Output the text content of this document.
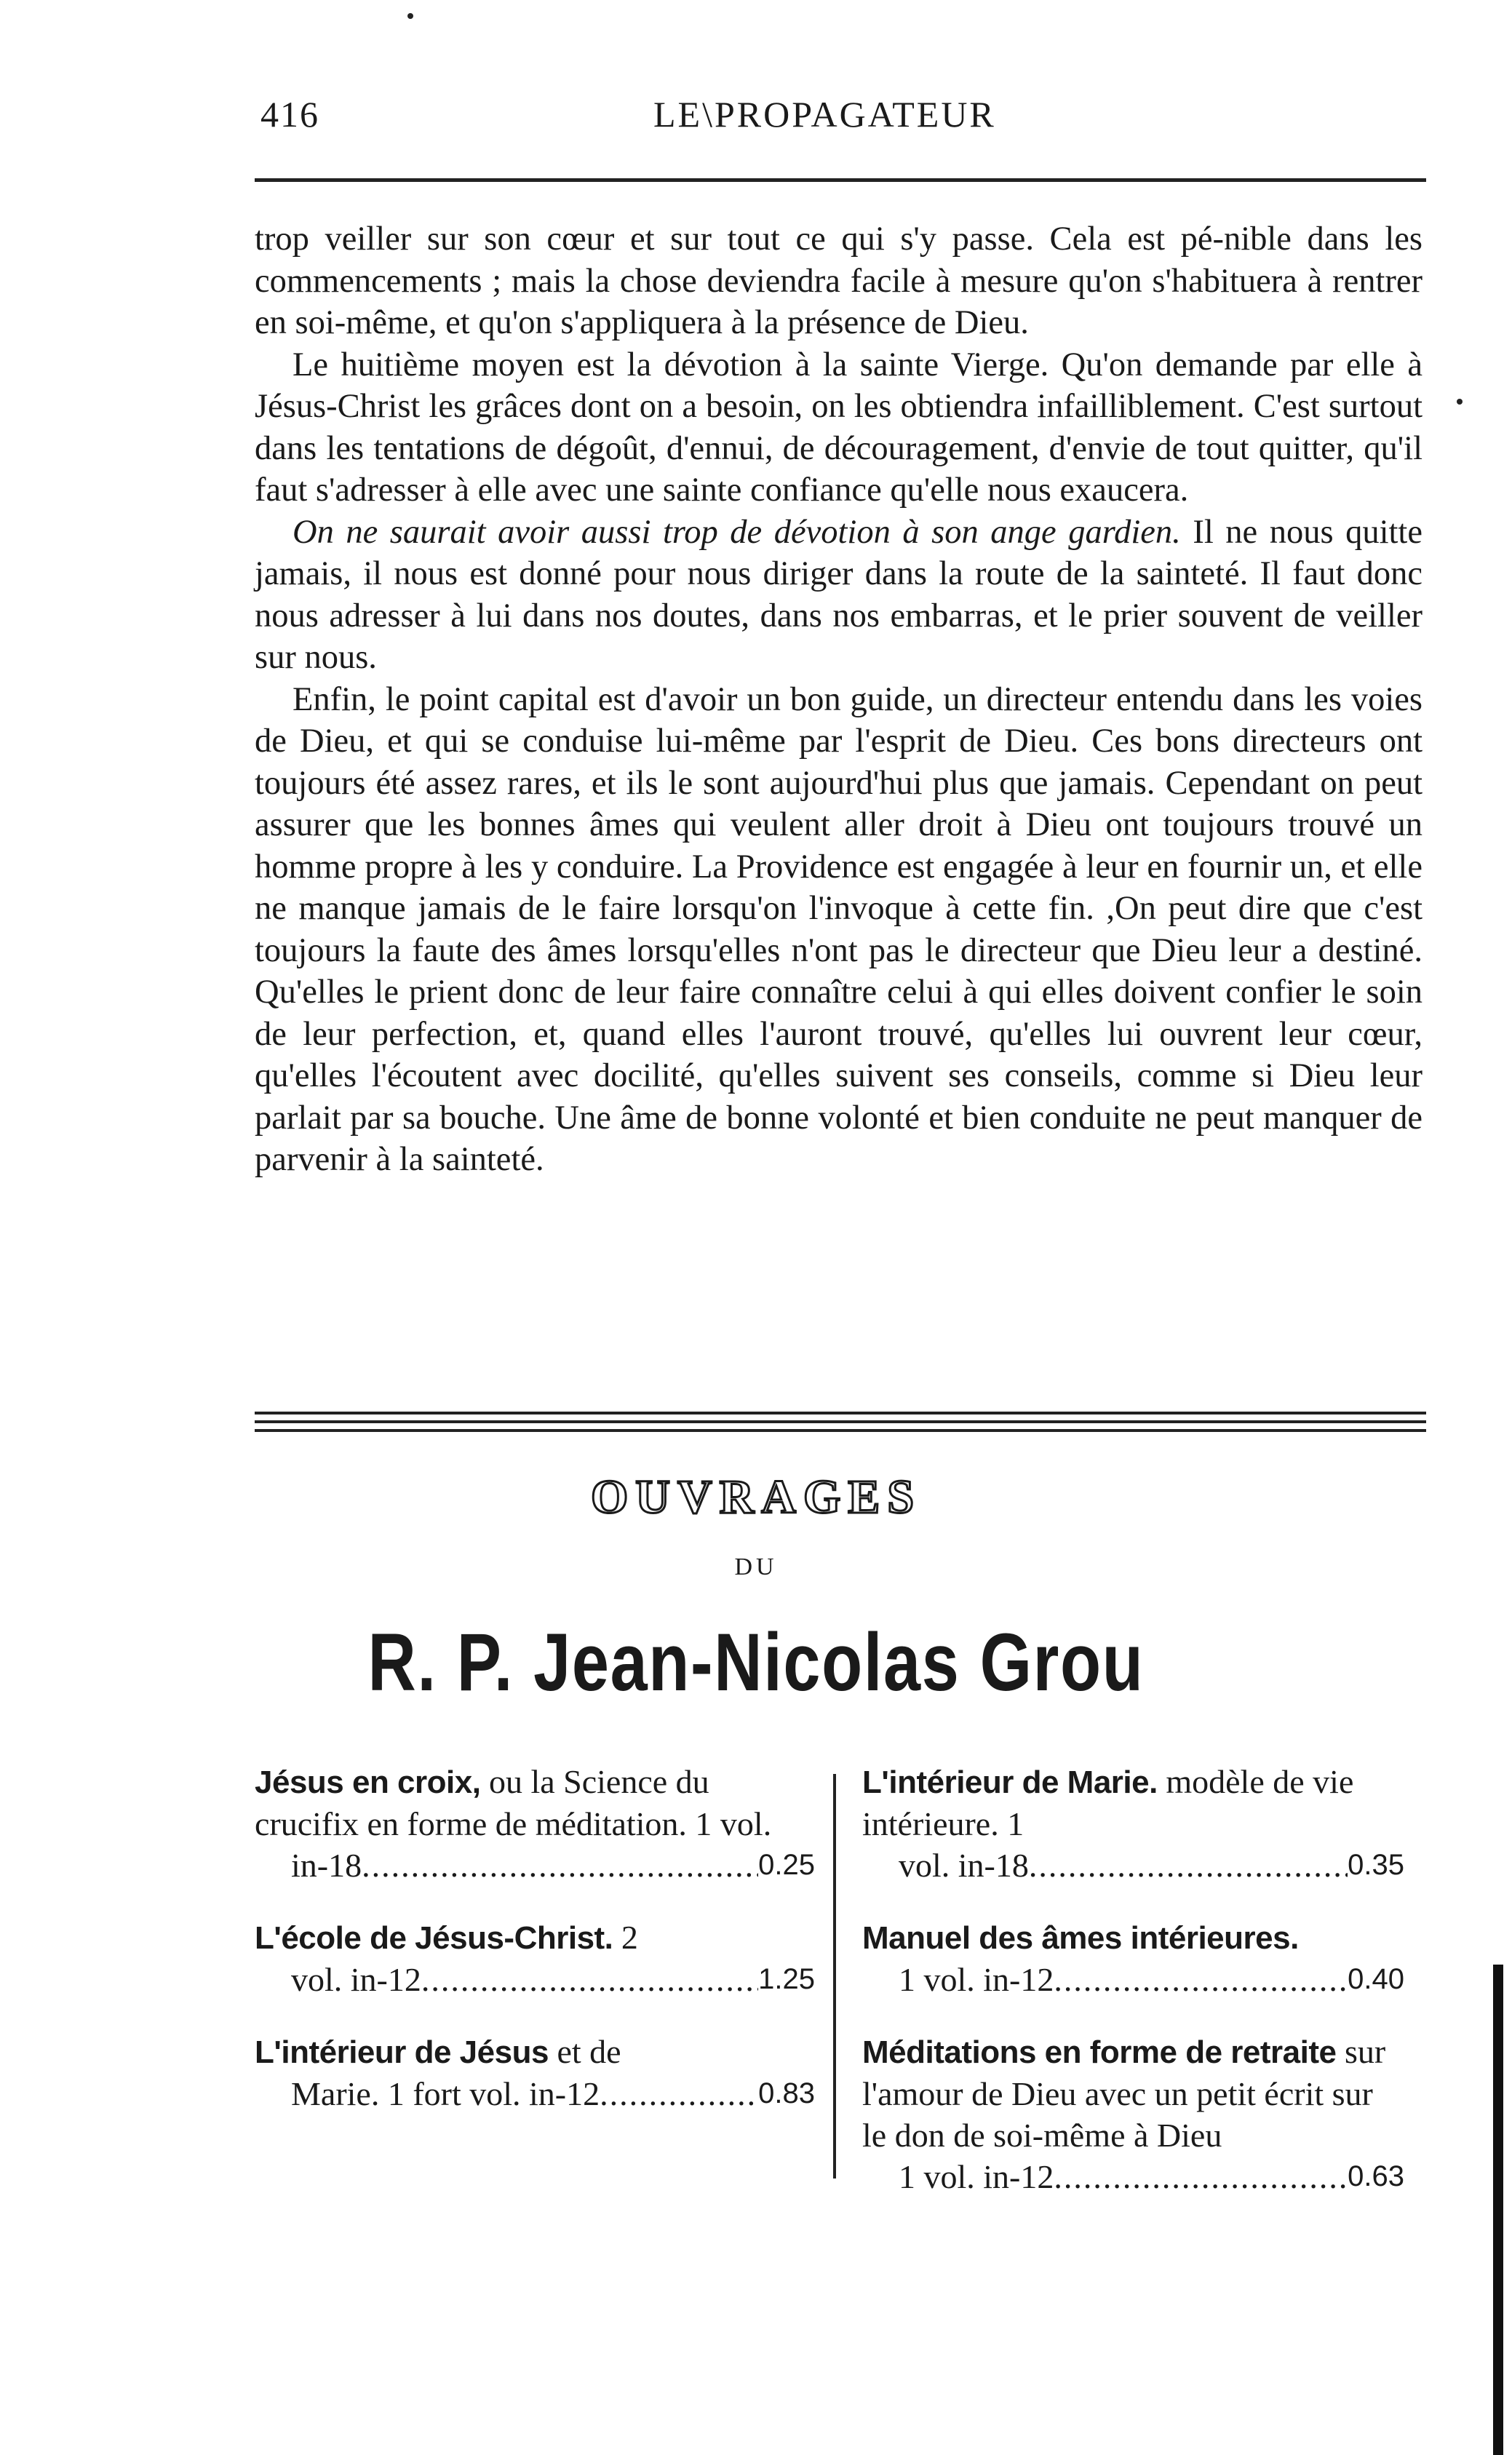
416	LE\PROPAGATEUR

trop veiller sur son cœur et sur tout ce qui s'y passe. Cela est pé-nible dans les commencements ; mais la chose deviendra facile à mesure qu'on s'habituera à rentrer en soi-même, et qu'on s'appliquera à la présence de Dieu.

Le huitième moyen est la dévotion à la sainte Vierge. Qu'on demande par elle à Jésus-Christ les grâces dont on a besoin, on les obtiendra infailliblement. C'est surtout dans les tentations de dégoût, d'ennui, de découragement, d'envie de tout quitter, qu'il faut s'adresser à elle avec une sainte confiance qu'elle nous exaucera.

On ne saurait avoir aussi trop de dévotion à son ange gardien. Il ne nous quitte jamais, il nous est donné pour nous diriger dans la route de la sainteté. Il faut donc nous adresser à lui dans nos doutes, dans nos embarras, et le prier souvent de veiller sur nous.

Enfin, le point capital est d'avoir un bon guide, un directeur entendu dans les voies de Dieu, et qui se conduise lui-même par l'esprit de Dieu. Ces bons directeurs ont toujours été assez rares, et ils le sont aujourd'hui plus que jamais. Cependant on peut assurer que les bonnes âmes qui veulent aller droit à Dieu ont toujours trouvé un homme propre à les y conduire. La Providence est engagée à leur en fournir un, et elle ne manque jamais de le faire lorsqu'on l'invoque à cette fin. ,On peut dire que c'est toujours la faute des âmes lorsqu'elles n'ont pas le directeur que Dieu leur a destiné. Qu'elles le prient donc de leur faire connaître celui à qui elles doivent confier le soin de leur perfection, et, quand elles l'auront trouvé, qu'elles lui ouvrent leur cœur, qu'elles l'écoutent avec docilité, qu'elles suivent ses conseils, comme si Dieu leur parlait par sa bouche. Une âme de bonne volonté et bien conduite ne peut manquer de parvenir à la sainteté.

OUVRAGES
DU
R. P. Jean-Nicolas Grou
Jésus en croix, ou la Science du crucifix en forme de méditation. 1 vol.
in-18 .....	0.25
L'école de Jésus-Christ. 2
vol. in-12 .....	1.25
L'intérieur de Jésus et de
Marie. 1 fort vol. in-12 .....	0.83
L'intérieur de Marie. modèle de vie intérieure. 1
vol. in-18 .....	0.35
Manuel des âmes intérieures.
1 vol. in-12 .....	0.40
Méditations en forme de retraite sur l'amour de Dieu avec un petit écrit sur le don de soi-même à Dieu
1 vol. in-12 .....	0.63
